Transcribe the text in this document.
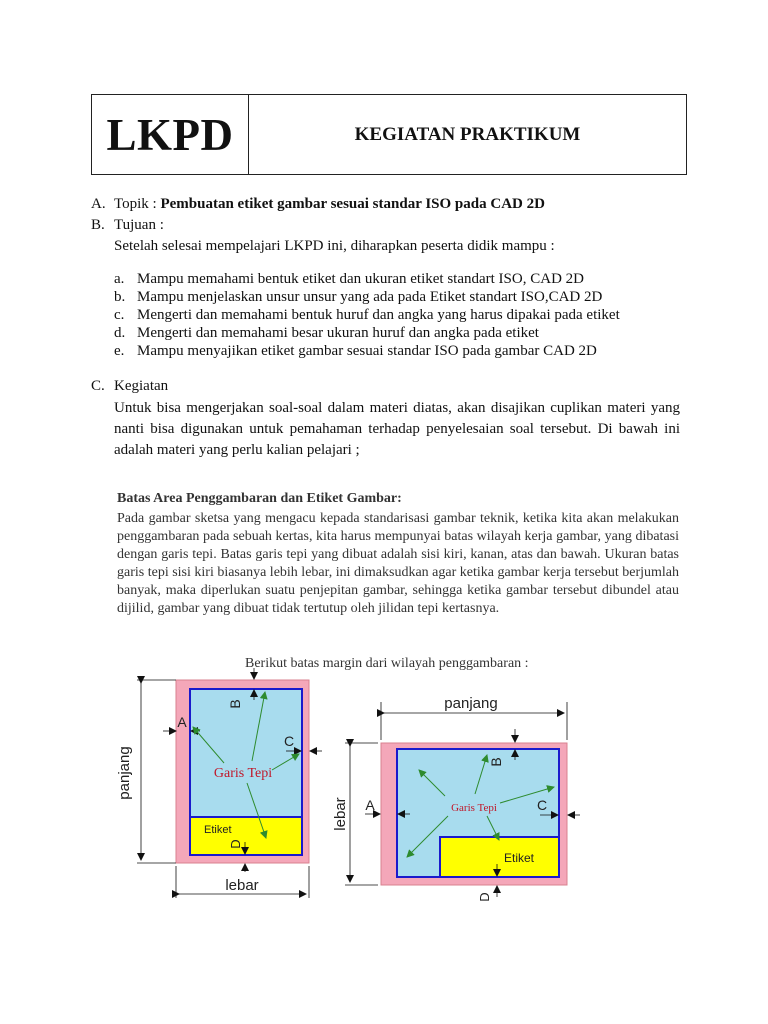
LKPD	KEGIATAN PRAKTIKUM
A. Topik : Pembuatan etiket gambar sesuai standar ISO pada CAD 2D
B. Tujuan :
Setelah selesai mempelajari LKPD ini, diharapkan peserta didik mampu :
a. Mampu memahami bentuk etiket dan ukuran etiket standart ISO, CAD 2D
b. Mampu menjelaskan unsur unsur yang ada pada Etiket standart ISO,CAD 2D
c. Mengerti dan memahami bentuk huruf dan angka yang harus dipakai pada etiket
d. Mengerti dan memahami besar ukuran huruf dan angka pada etiket
e. Mampu menyajikan etiket gambar sesuai standar ISO pada gambar CAD 2D
C. Kegiatan
Untuk bisa mengerjakan soal-soal dalam materi diatas, akan disajikan cuplikan materi yang nanti bisa digunakan untuk pemahaman terhadap penyelesaian soal tersebut. Di bawah ini adalah materi yang perlu kalian pelajari ;
Batas Area Penggambaran dan Etiket Gambar:
Pada gambar sketsa yang mengacu kepada standarisasi gambar teknik, ketika kita akan melakukan penggambaran pada sebuah kertas, kita harus mempunyai batas wilayah kerja gambar, yang dibatasi dengan garis tepi. Batas garis tepi yang dibuat adalah sisi kiri, kanan, atas dan bawah. Ukuran batas garis tepi sisi kiri biasanya lebih lebar, ini dimaksudkan agar ketika gambar kerja tersebut berjumlah banyak, maka diperlukan suatu penjepitan gambar, sehingga ketika gambar tersebut dibundel atau dijilid, gambar yang dibuat tidak tertutup oleh jilidan tepi kertasnya.
Berikut batas margin dari wilayah penggambaran :
panjang
lebar
A
B
C
D
Garis Tepi
Etiket
panjang
lebar A
B
C
D
Garis Tepi
Etiket
